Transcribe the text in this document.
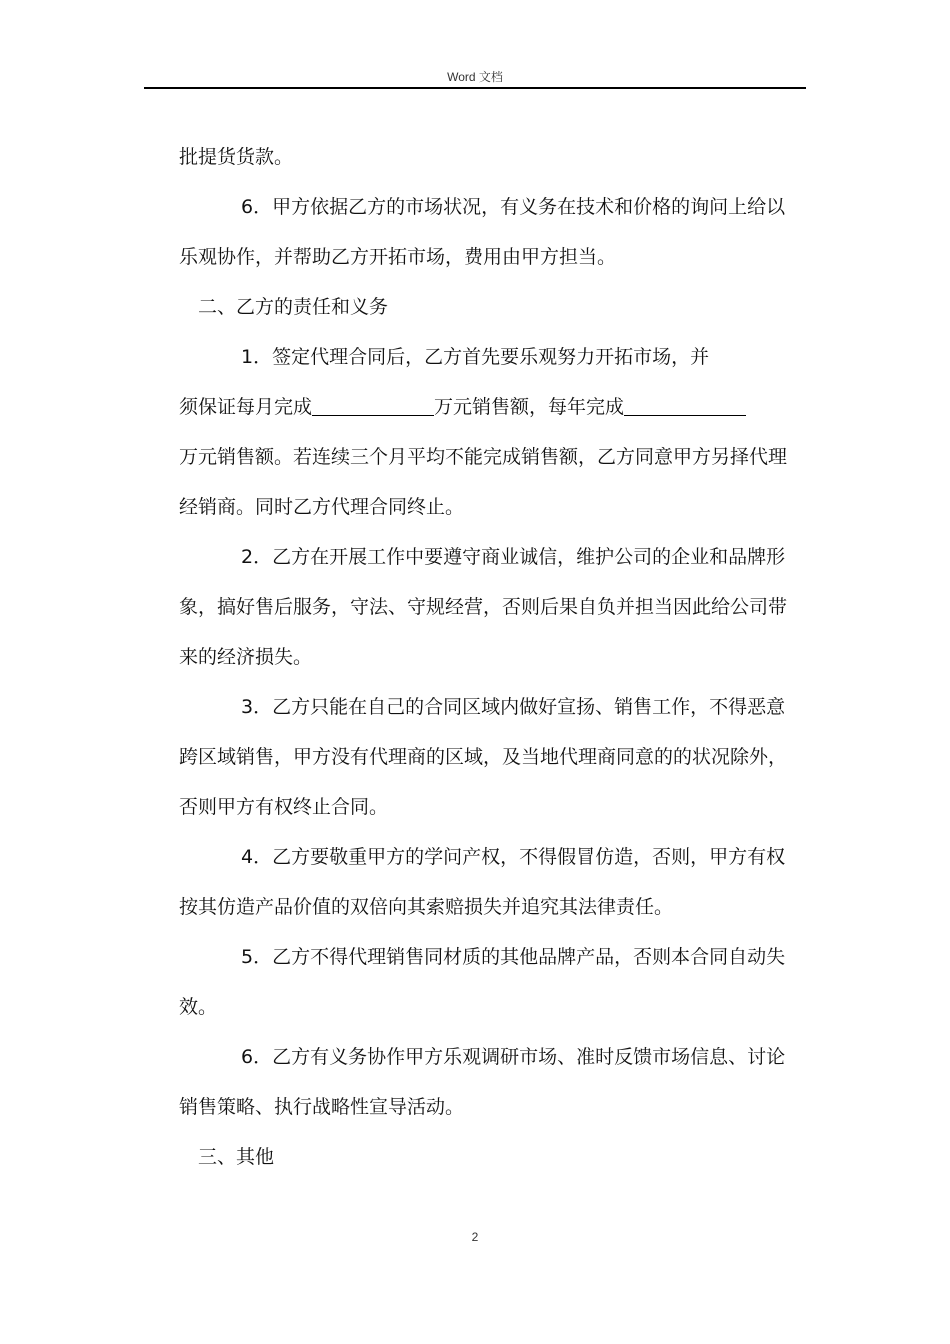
Word 文档

批提货货款。

6．甲方依据乙方的市场状况，有义务在技术和价格的询问上给以乐观协作，并帮助乙方开拓市场，费用由甲方担当。

二、乙方的责任和义务

1．签定代理合同后，乙方首先要乐观努力开拓市场，并

须保证每月完成	万元销售额，每年完成

万元销售额。若连续三个月平均不能完成销售额，乙方同意甲方另择代理经销商。同时乙方代理合同终止。

2．乙方在开展工作中要遵守商业诚信，维护公司的企业和品牌形象，搞好售后服务，守法、守规经营，否则后果自负并担当因此给公司带来的经济损失。

3．乙方只能在自己的合同区域内做好宣扬、销售工作，不得恶意跨区域销售，甲方没有代理商的区域，及当地代理商同意的的状况除外，否则甲方有权终止合同。

4．乙方要敬重甲方的学问产权，不得假冒仿造，否则，甲方有权按其仿造产品价值的双倍向其索赔损失并追究其法律责任。

5．乙方不得代理销售同材质的其他品牌产品，否则本合同自动失效。

6．乙方有义务协作甲方乐观调研市场、准时反馈市场信息、讨论销售策略、执行战略性宣导活动。

三、其他

2
